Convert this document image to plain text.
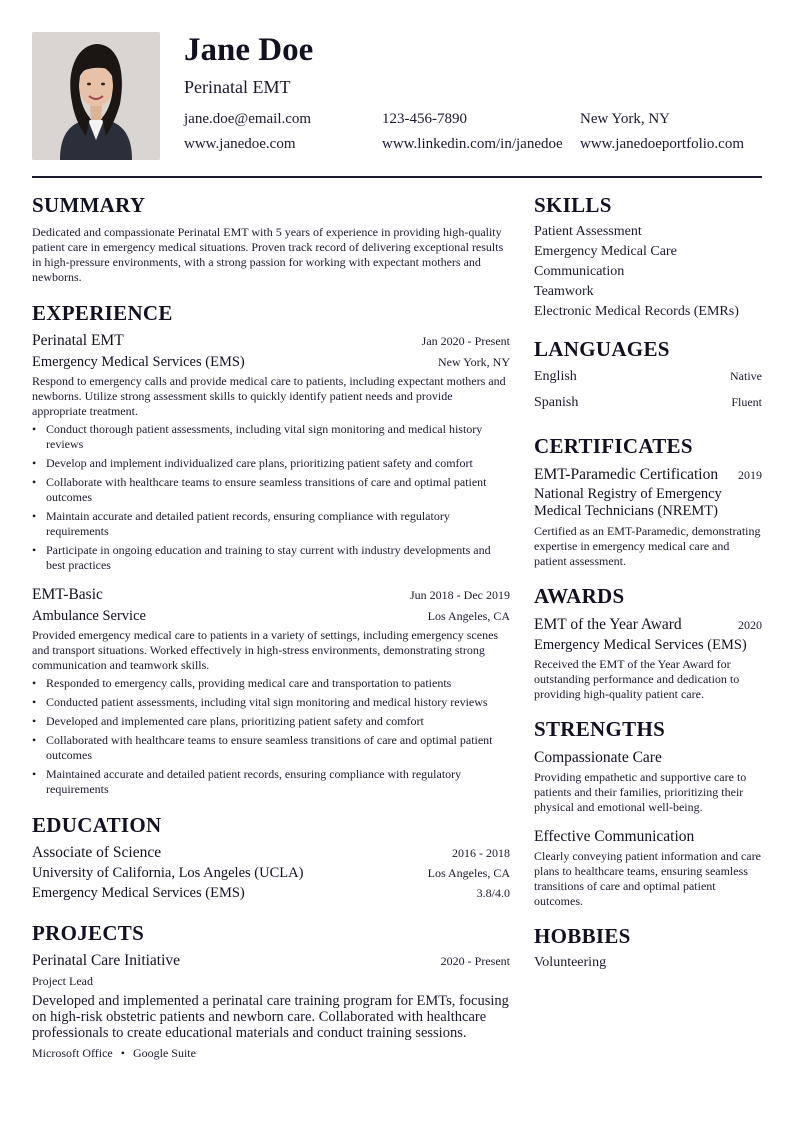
Jane Doe
Perinatal EMT
jane.doe@email.com	123-456-7890	New York, NY
www.janedoe.com	www.linkedin.com/in/janedoe www.janedoeportfolio.com
SUMMARY

Dedicated and compassionate Perinatal EMT with 5 years of experience in providing high-quality patient care in emergency medical situations. Proven track record of delivering exceptional results in high-pressure environments, with a strong passion for working with expectant mothers and newborns.

EXPERIENCE
Perinatal EMT	Jan 2020 - Present
Emergency Medical Services (EMS)	New York, NY

Respond to emergency calls and provide medical care to patients, including expectant mothers and newborns. Utilize strong assessment skills to quickly identify patient needs and provide appropriate treatment.

• Conduct thorough patient assessments, including vital sign monitoring and medical history reviews
• Develop and implement individualized care plans, prioritizing patient safety and comfort
• Collaborate with healthcare teams to ensure seamless transitions of care and optimal patient outcomes
• Maintain accurate and detailed patient records, ensuring compliance with regulatory requirements
• Participate in ongoing education and training to stay current with industry developments and best practices
EMT-Basic	Jun 2018 - Dec 2019
Ambulance Service	Los Angeles, CA

Provided emergency medical care to patients in a variety of settings, including emergency scenes and transport situations. Worked effectively in high-stress environments, demonstrating strong communication and teamwork skills.

• Responded to emergency calls, providing medical care and transportation to patients
• Conducted patient assessments, including vital sign monitoring and medical history reviews
• Developed and implemented care plans, prioritizing patient safety and comfort
• Collaborated with healthcare teams to ensure seamless transitions of care and optimal patient outcomes
• Maintained accurate and detailed patient records, ensuring compliance with regulatory requirements
EDUCATION
Associate of Science	2016 - 2018
University of California, Los Angeles (UCLA)	Los Angeles, CA
Emergency Medical Services (EMS)	3.8/4.0
PROJECTS
Perinatal Care Initiative	2020 - Present
Project Lead

Developed and implemented a perinatal care training program for EMTs, focusing on high-risk obstetric patients and newborn care. Collaborated with healthcare professionals to create educational materials and conduct training sessions.

Microsoft Office • Google Suite
SKILLS
Patient Assessment
Emergency Medical Care
Communication
Teamwork
Electronic Medical Records (EMRs)
LANGUAGES
English	Native
Spanish	Fluent
CERTIFICATES
EMT-Paramedic Certification 2019
National Registry of Emergency Medical Technicians (NREMT)

Certified as an EMT-Paramedic, demonstrating expertise in emergency medical care and patient assessment.

AWARDS
EMT of the Year Award	2020
Emergency Medical Services (EMS)

Received the EMT of the Year Award for outstanding performance and dedication to providing high-quality patient care.

STRENGTHS
Compassionate Care

Providing empathetic and supportive care to patients and their families, prioritizing their physical and emotional well-being.

Effective Communication

Clearly conveying patient information and care plans to healthcare teams, ensuring seamless transitions of care and optimal patient outcomes.

HOBBIES
Volunteering
